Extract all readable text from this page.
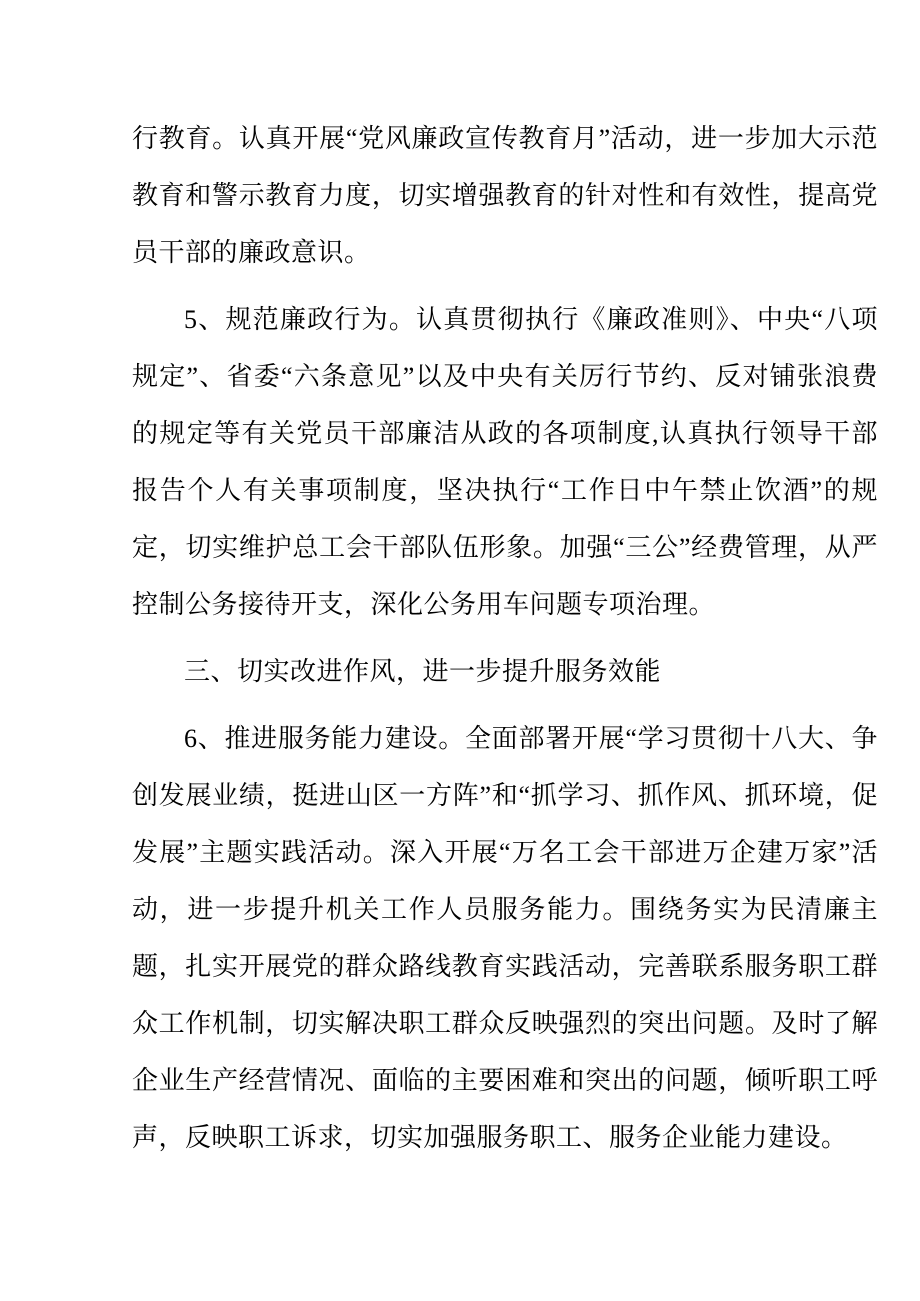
行教育。认真开展“党风廉政宣传教育月”活动，进一步加大示范教育和警示教育力度，切实增强教育的针对性和有效性，提高党员干部的廉政意识。

5、规范廉政行为。认真贯彻执行《廉政准则》、中央“八项规定”、省委“六条意见”以及中央有关厉行节约、反对铺张浪费的规定等有关党员干部廉洁从政的各项制度,认真执行领导干部报告个人有关事项制度，坚决执行“工作日中午禁止饮酒”的规定，切实维护总工会干部队伍形象。加强“三公”经费管理，从严控制公务接待开支，深化公务用车问题专项治理。

三、切实改进作风，进一步提升服务效能

6、推进服务能力建设。全面部署开展“学习贯彻十八大、争创发展业绩，挺进山区一方阵”和“抓学习、抓作风、抓环境，促发展”主题实践活动。深入开展“万名工会干部进万企建万家”活动，进一步提升机关工作人员服务能力。围绕务实为民清廉主题，扎实开展党的群众路线教育实践活动，完善联系服务职工群众工作机制，切实解决职工群众反映强烈的突出问题。及时了解企业生产经营情况、面临的主要困难和突出的问题，倾听职工呼声，反映职工诉求，切实加强服务职工、服务企业能力建设。
